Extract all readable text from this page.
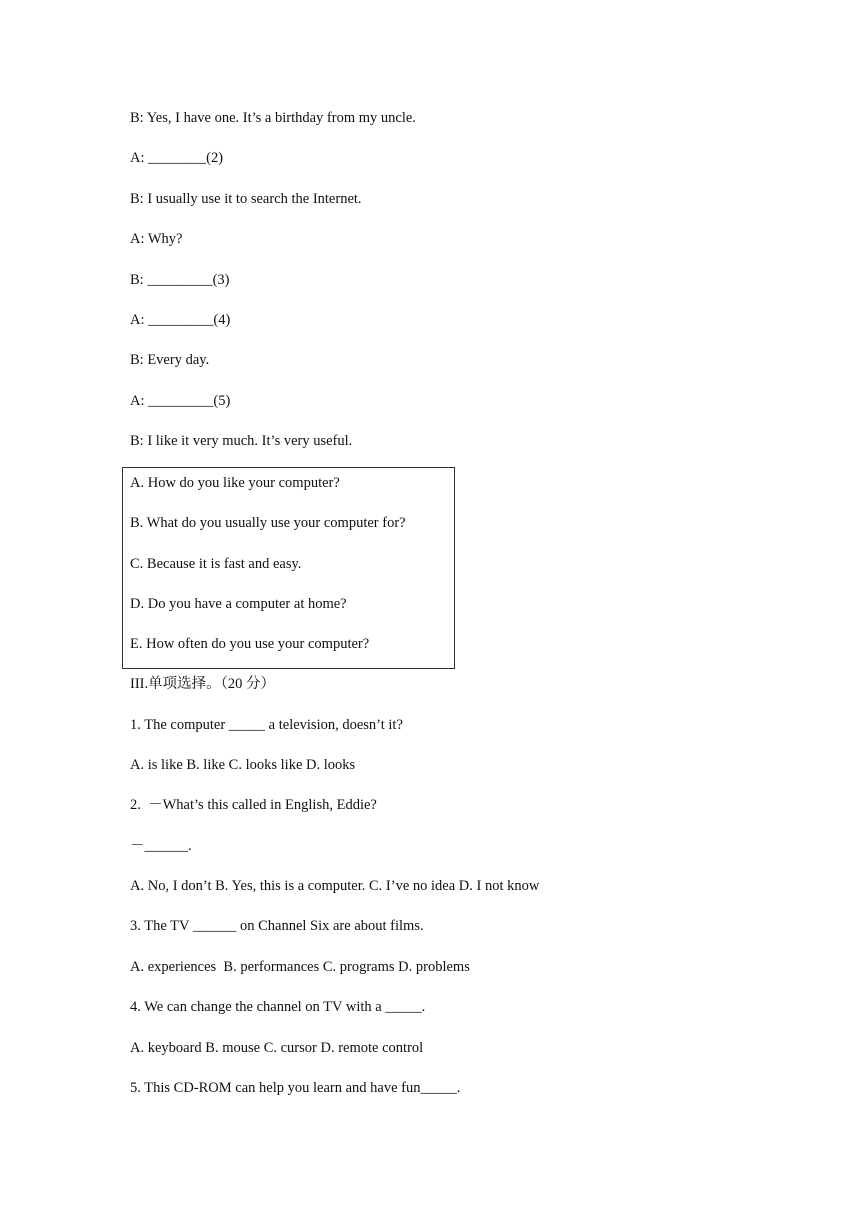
B: Yes, I have one. It’s a birthday from my uncle.
A: ________(2)
B: I usually use it to search the Internet.
A: Why?
B: _________(3)
A: _________(4)
B: Every day.
A: _________(5)
B: I like it very much. It’s very useful.
A. How do you like your computer?
B. What do you usually use your computer for?
C. Because it is fast and easy.
D. Do you have a computer at home?
E. How often do you use your computer?
III.单项选择。（20 分）
1. The computer _____ a television, doesn’t it?
A. is like B. like C. looks like D. looks
2.  －What’s this called in English, Eddie?
－______.
A. No, I don’t B. Yes, this is a computer. C. I’ve no idea D. I not know
3. The TV ______ on Channel Six are about films.
A. experiences  B. performances C. programs D. problems
4. We can change the channel on TV with a _____.
A. keyboard B. mouse C. cursor D. remote control
5. This CD-ROM can help you learn and have fun_____.
